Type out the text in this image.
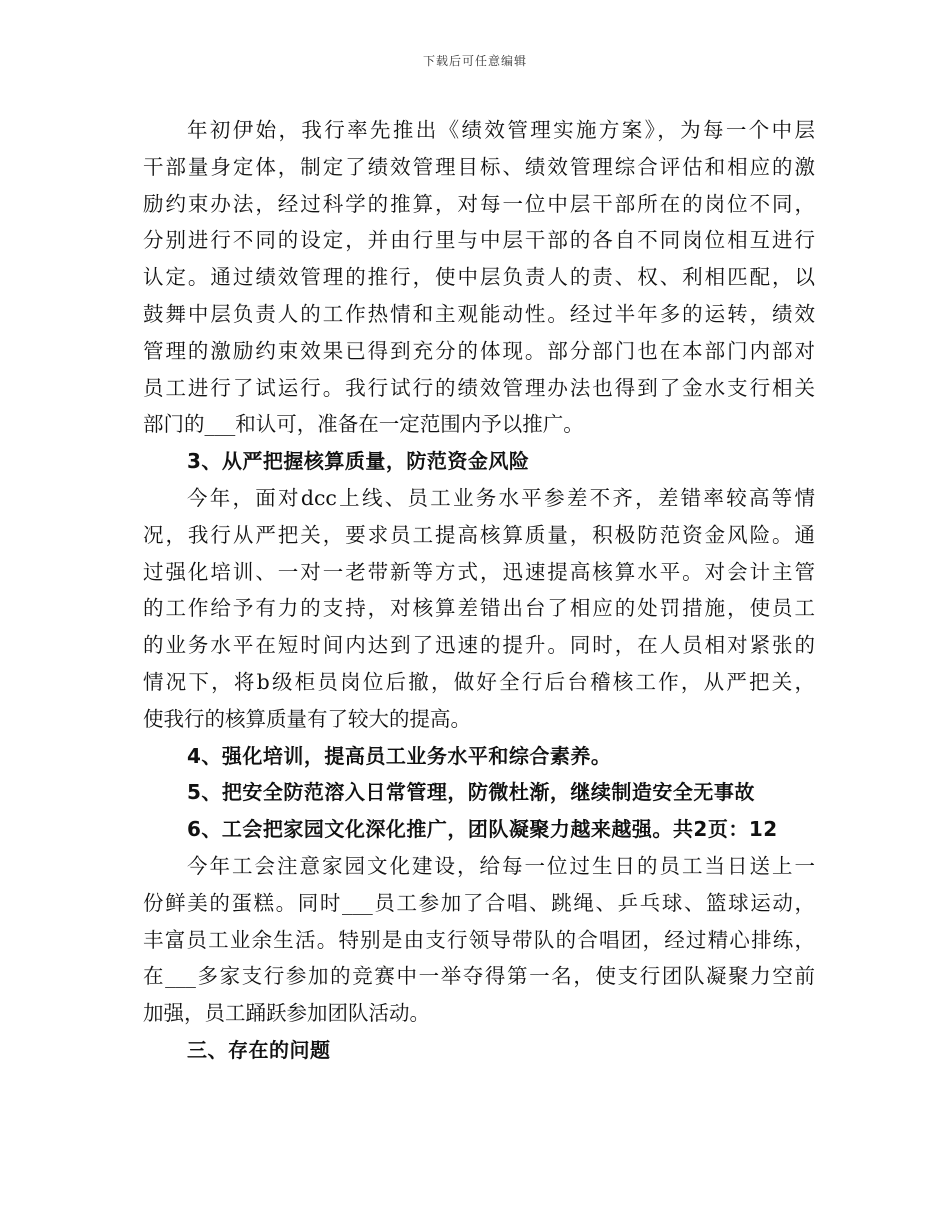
下载后可任意编辑
年初伊始，我行率先推出《绩效管理实施方案》，为每一个中层
干部量身定体，制定了绩效管理目标、绩效管理综合评估和相应的激
励约束办法，经过科学的推算，对每一位中层干部所在的岗位不同，
分别进行不同的设定，并由行里与中层干部的各自不同岗位相互进行
认定。通过绩效管理的推行，使中层负责人的责、权、利相匹配，以
鼓舞中层负责人的工作热情和主观能动性。经过半年多的运转，绩效
管理的激励约束效果已得到充分的体现。部分部门也在本部门内部对
员工进行了试运行。我行试行的绩效管理办法也得到了金水支行相关
部门的___和认可，准备在一定范围内予以推广。
3、从严把握核算质量，防范资金风险
今年，面对dcc上线、员工业务水平参差不齐，差错率较高等情
况，我行从严把关，要求员工提高核算质量，积极防范资金风险。通
过强化培训、一对一老带新等方式，迅速提高核算水平。对会计主管
的工作给予有力的支持，对核算差错出台了相应的处罚措施，使员工
的业务水平在短时间内达到了迅速的提升。同时，在人员相对紧张的
情况下，将b级柜员岗位后撤，做好全行后台稽核工作，从严把关，
使我行的核算质量有了较大的提高。
4、强化培训，提高员工业务水平和综合素养。
5、把安全防范溶入日常管理，防微杜渐，继续制造安全无事故
6、工会把家园文化深化推广，团队凝聚力越来越强。共2页：12
今年工会注意家园文化建设，给每一位过生日的员工当日送上一
份鲜美的蛋糕。同时___员工参加了合唱、跳绳、乒乓球、篮球运动，
丰富员工业余生活。特别是由支行领导带队的合唱团，经过精心排练，
在___多家支行参加的竞赛中一举夺得第一名，使支行团队凝聚力空前
加强，员工踊跃参加团队活动。
三、存在的问题
